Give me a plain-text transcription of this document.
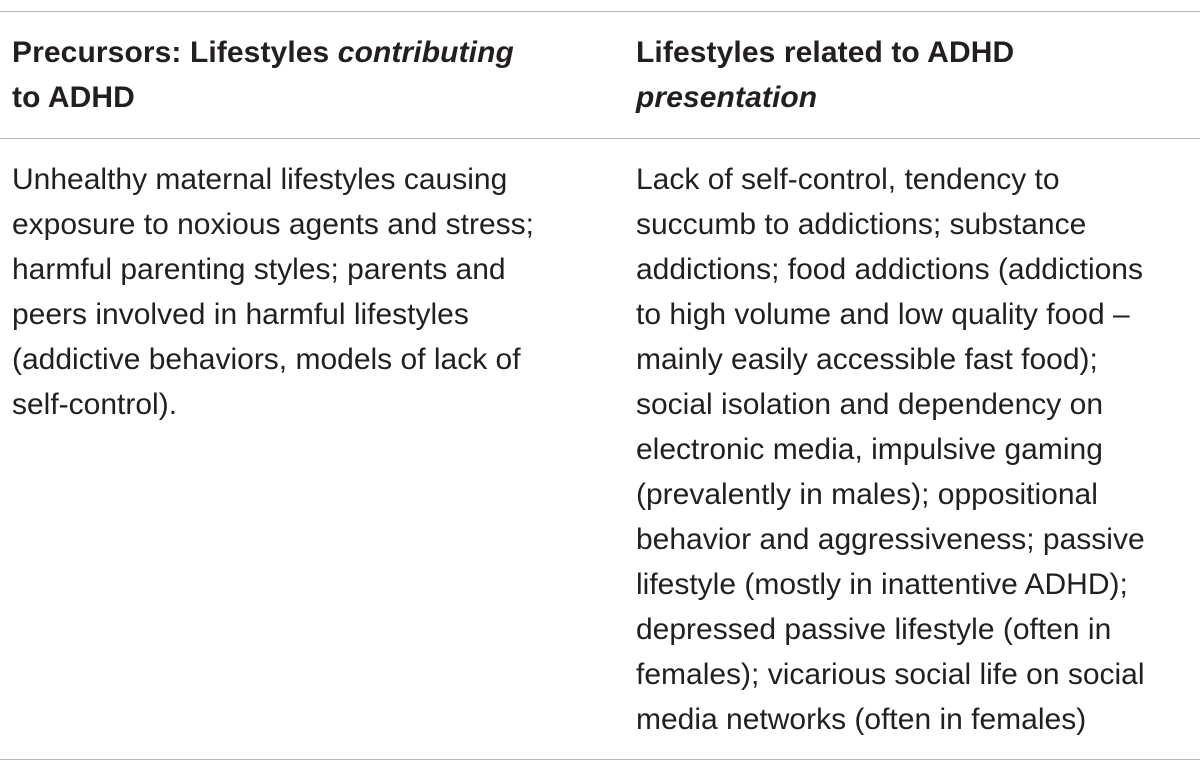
Precursors: Lifestyles contributing
to ADHD
Lifestyles related to ADHD
presentation
Unhealthy maternal lifestyles causing
exposure to noxious agents and stress;
harmful parenting styles; parents and
peers involved in harmful lifestyles
(addictive behaviors, models of lack of
self-control).
Lack of self-control, tendency to
succumb to addictions; substance
addictions; food addictions (addictions
to high volume and low quality food –
mainly easily accessible fast food);
social isolation and dependency on
electronic media, impulsive gaming
(prevalently in males); oppositional
behavior and aggressiveness; passive
lifestyle (mostly in inattentive ADHD);
depressed passive lifestyle (often in
females); vicarious social life on social
media networks (often in females)
